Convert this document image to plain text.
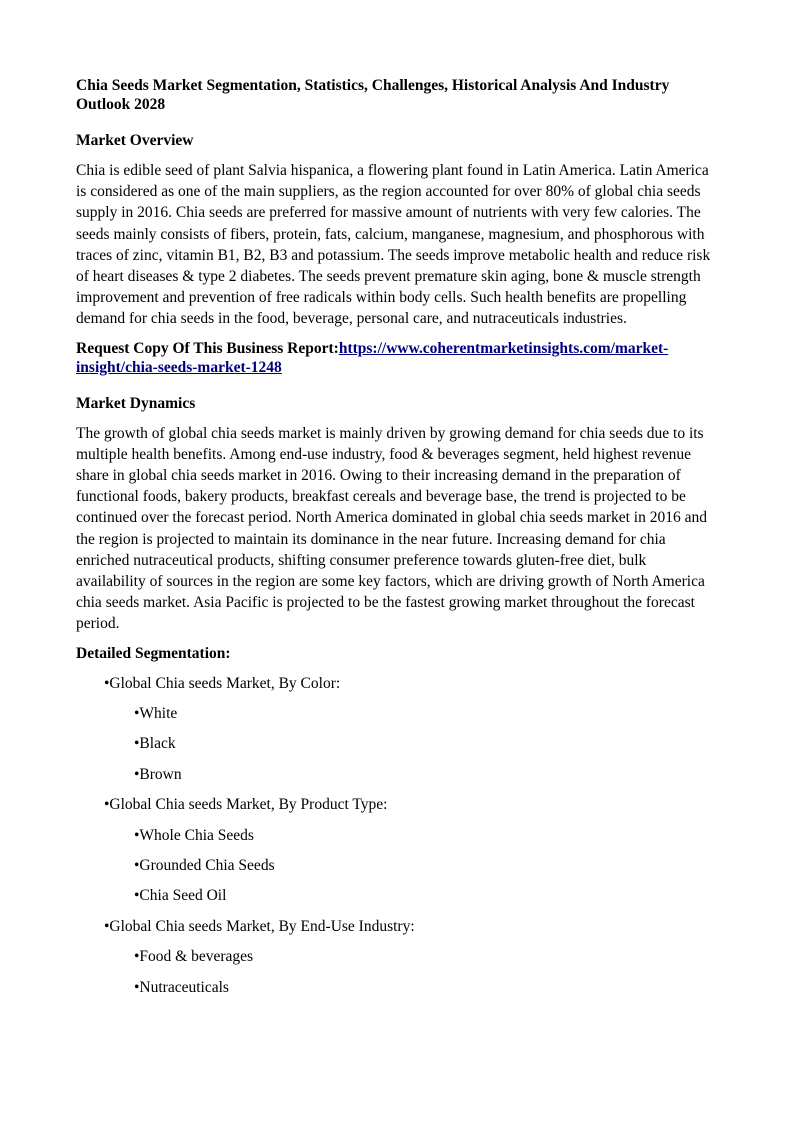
Chia Seeds Market Segmentation, Statistics, Challenges, Historical Analysis And Industry Outlook 2028
Market Overview
Chia is edible seed of plant Salvia hispanica, a flowering plant found in Latin America. Latin America is considered as one of the main suppliers, as the region accounted for over 80% of global chia seeds supply in 2016. Chia seeds are preferred for massive amount of nutrients with very few calories. The seeds mainly consists of fibers, protein, fats, calcium, manganese, magnesium, and phosphorous with traces of zinc, vitamin B1, B2, B3 and potassium. The seeds improve metabolic health and reduce risk of heart diseases & type 2 diabetes. The seeds prevent premature skin aging, bone & muscle strength improvement and prevention of free radicals within body cells. Such health benefits are propelling demand for chia seeds in the food, beverage, personal care, and nutraceuticals industries.
Request Copy Of This Business Report:https://www.coherentmarketinsights.com/market-insight/chia-seeds-market-1248
Market Dynamics
The growth of global chia seeds market is mainly driven by growing demand for chia seeds due to its multiple health benefits. Among end-use industry, food & beverages segment, held highest revenue share in global chia seeds market in 2016. Owing to their increasing demand in the preparation of functional foods, bakery products, breakfast cereals and beverage base, the trend is projected to be continued over the forecast period. North America dominated in global chia seeds market in 2016 and the region is projected to maintain its dominance in the near future. Increasing demand for chia enriched nutraceutical products, shifting consumer preference towards gluten-free diet, bulk availability of sources in the region are some key factors, which are driving growth of North America chia seeds market. Asia Pacific is projected to be the fastest growing market throughout the forecast period.
Detailed Segmentation:
•Global Chia seeds Market, By Color:
•White
•Black
•Brown
•Global Chia seeds Market, By Product Type:
•Whole Chia Seeds
•Grounded Chia Seeds
•Chia Seed Oil
•Global Chia seeds Market, By End-Use Industry:
•Food & beverages
•Nutraceuticals
